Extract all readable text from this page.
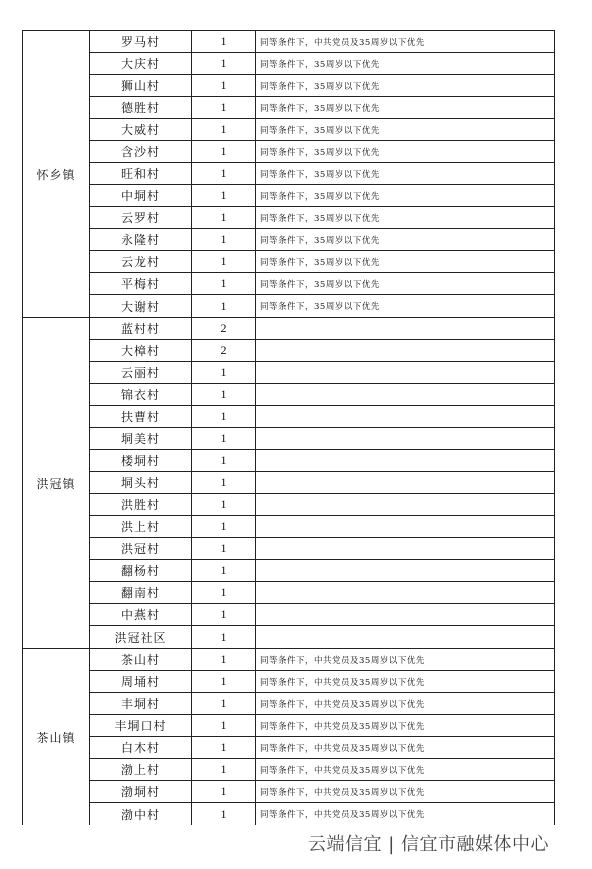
怀乡镇
罗马村	1	同等条件下，中共党员及35周岁以下优先
大庆村	1	同等条件下，35周岁以下优先
狮山村	1	同等条件下，35周岁以下优先
德胜村	1	同等条件下，35周岁以下优先
大威村	1	同等条件下，35周岁以下优先
含沙村	1	同等条件下，35周岁以下优先
旺和村	1	同等条件下，35周岁以下优先
中垌村	1	同等条件下，35周岁以下优先
云罗村	1	同等条件下，35周岁以下优先
永隆村	1	同等条件下，35周岁以下优先
云龙村	1	同等条件下，35周岁以下优先
平梅村	1	同等条件下，35周岁以下优先
大谢村	1	同等条件下，35周岁以下优先
洪冠镇
蓝村村	2
大樟村	2
云丽村	1
锦衣村	1
扶曹村	1
垌美村	1
楼垌村	1
垌头村	1
洪胜村	1
洪上村	1
洪冠村	1
翻杨村	1
翻南村	1
中燕村	1
洪冠社区	1
茶山镇
茶山村	1	同等条件下，中共党员及35周岁以下优先
周埇村	1	同等条件下，中共党员及35周岁以下优先
丰垌村	1	同等条件下，中共党员及35周岁以下优先
丰垌口村	1	同等条件下，中共党员及35周岁以下优先
白木村	1	同等条件下，中共党员及35周岁以下优先
渤上村	1	同等条件下，中共党员及35周岁以下优先
渤垌村	1	同等条件下，中共党员及35周岁以下优先
渤中村	1	同等条件下，中共党员及35周岁以下优先
云端信宜 | 信宜市融媒体中心
